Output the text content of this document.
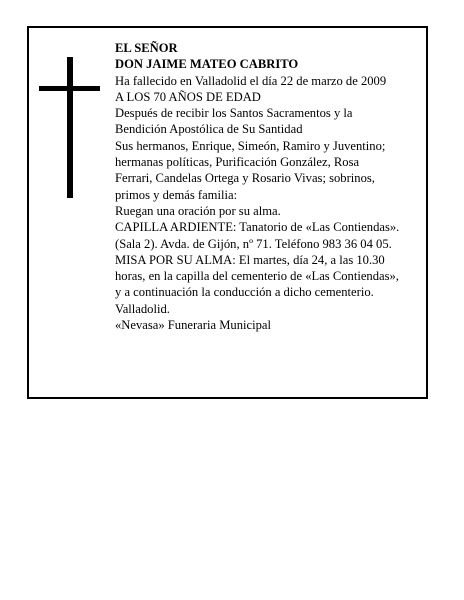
EL SEÑOR

DON JAIME MATEO CABRITO

Ha fallecido en Valladolid el día 22 de marzo de 2009

A LOS 70 AÑOS DE EDAD

Después de recibir los Santos Sacramentos y la

Bendición Apostólica de Su Santidad

Sus hermanos, Enrique, Simeón, Ramiro y Juventino;

hermanas políticas, Purificación González, Rosa

Ferrari, Candelas Ortega y Rosario Vivas; sobrinos,

primos y demás familia:

Ruegan una oración por su alma.

CAPILLA ARDIENTE: Tanatorio de «Las Contiendas».

(Sala 2). Avda. de Gijón, nº 71. Teléfono 983 36 04 05.

MISA POR SU ALMA: El martes, día 24, a las 10.30

horas, en la capilla del cementerio de «Las Contiendas»,

y a continuación la conducción a dicho cementerio.

Valladolid.

«Nevasa» Funeraria Municipal
